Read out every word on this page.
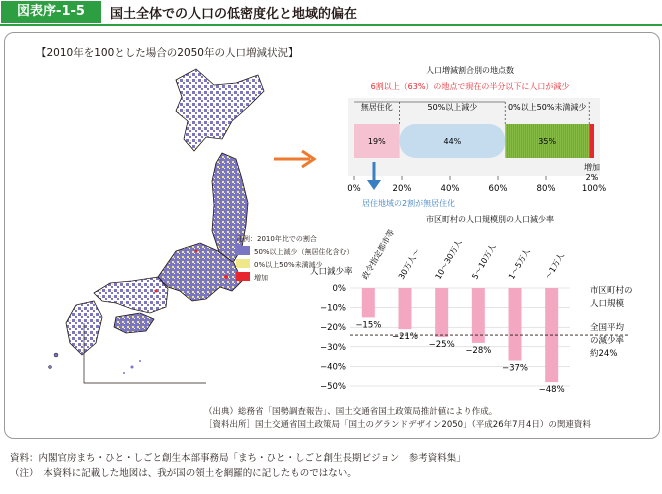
図表序-1-5	国土全体での人口の低密度化と地域的偏在
【2010年を100とした場合の2050年の人口増減状況】
凡例：2010年比での割合
50%以上減少（無居住化含む）
0%以上50%未満減少
増加
人口増減割合別の地点数
6割以上（63%）の地点で現在の半分以下に人口が減少
19%
無居住化
44%
50%以上減少
35%
0%以上50%未満減少
増加
2%
0%	20%	40%	60%	80%	100%
居住地域の2割が無居住化
市区町村の人口規模別の人口減少率
人口減少率
0%
−10%
−20%
−30%
−40%
−50%
−15%
政令指定都市等
−21%
30万人〜
−25%
10〜30万人
−28%
5〜10万人
−37%
1〜5万人
−48%
〜1万人
市区町村の人口規模
全国平均の減少率約24%
（出典）総務省「国勢調査報告」、国土交通省国土政策局推計値により作成。
［資料出所］国土交通省国土政策局「国土のグランドデザイン2050」（平成26年7月4日）の関連資料
資料：内閣官房まち・ひと・しごと創生本部事務局「まち・ひと・しごと創生長期ビジョン　参考資料集」
（注）　本資料に記載した地図は、我が国の領土を網羅的に記したものではない。
